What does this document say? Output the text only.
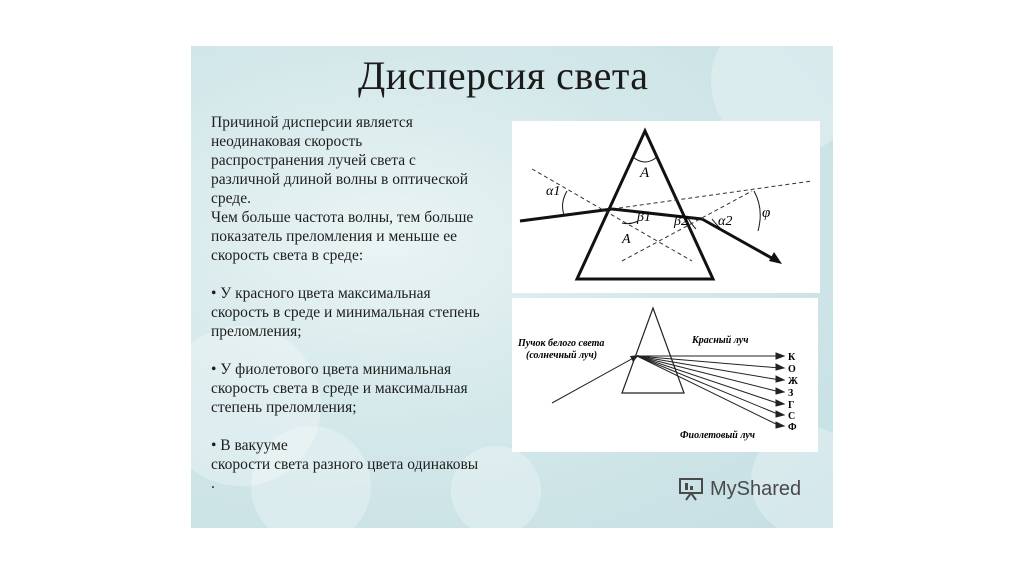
Дисперсия света

Причиной дисперсии является
неодинаковая скорость
распространения лучей света с
различной длиной волны в оптической
среде.

Чем больше частота волны, тем больше
показатель преломления и меньше ее
скорость света в среде:

• У красного цвета максимальная
скорость в среде и минимальная степень
преломления;

• У фиолетового цвета минимальная
скорость света в среде и максимальная
степень преломления;

• В вакууме
скорости света разного цвета одинаковы
.

A
α1
β1
A
β2 α2
φ
Пучок белого света
(солнечный луч)
Красный луч
Фиолетовый луч
К
О
Ж
З
Г
С
Ф
MyShared
